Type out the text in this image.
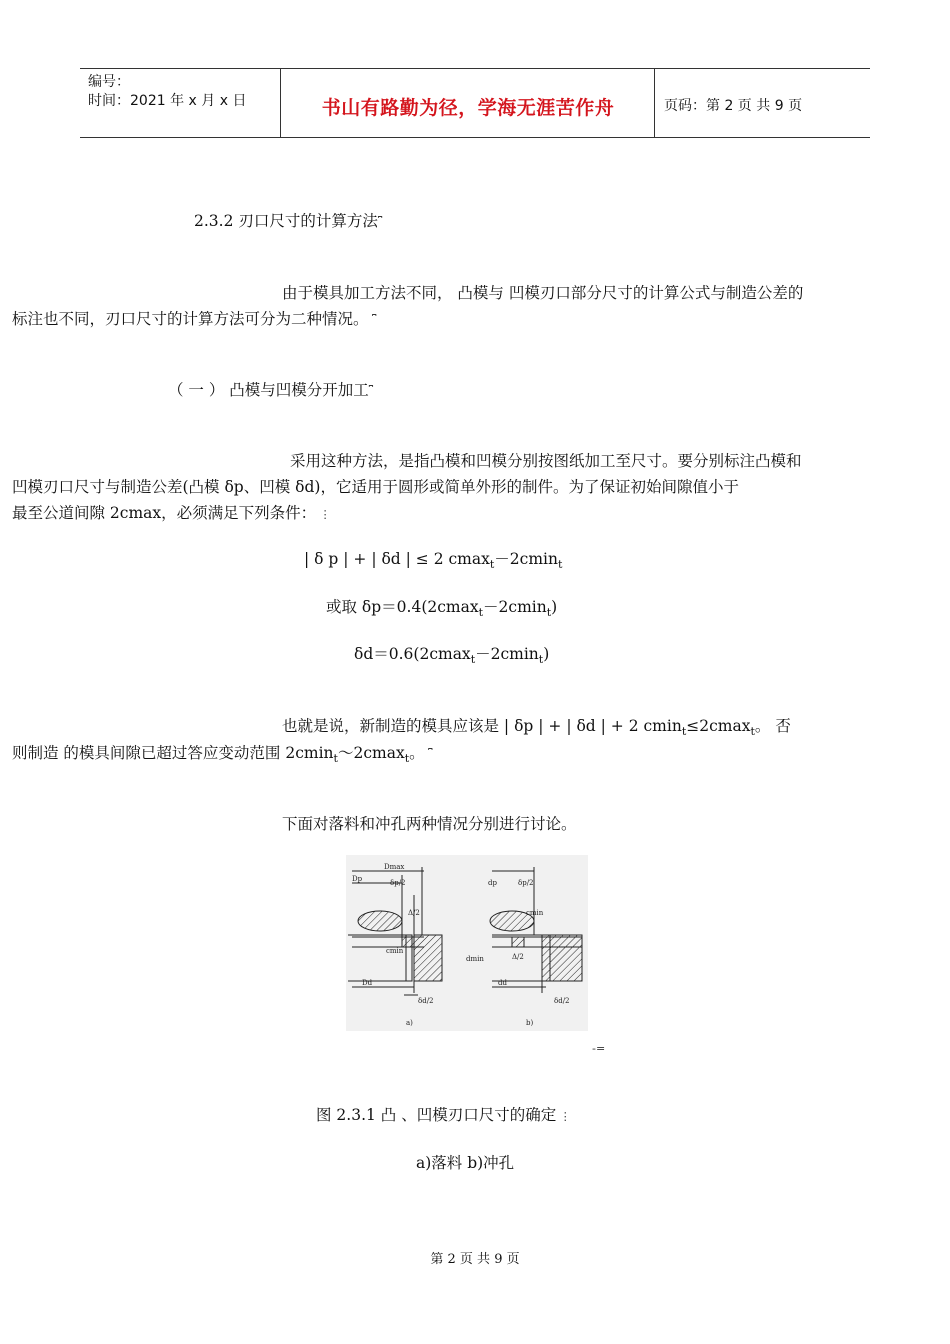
编号：
时间：2021 年 x 月 x 日	书山有路勤为径，学海无涯苦作舟	页码：第 2 页 共 9 页
2.3.2 刃口尺寸的计算方法⎴
由于模具加工方法不同， 凸模与 凹模刃口部分尺寸的计算公式与制造公差的
标注也不同，刃口尺寸的计算方法可分为二种情况。 ⎴
（ 一 ） 凸模与凹模分开加工⎴
采用这种方法，是指凸模和凹模分别按图纸加工至尺寸。要分别标注凸模和
凹模刃口尺寸与制造公差(凸模 δp、凹模 δd)，它适用于圆形或简单外形的制件。为了保证初始间隙值小于
最至公道间隙 2cmax，必须满足下列条件： ⋮
| δ p | + | δd | ≤ 2 cmax$_t$－2cmin$_t$
或取 δp＝0.4(2cmax$_t$－2cmin$_t$)
δd＝0.6(2cmax$_t$－2cmin$_t$)
也就是说，新制造的模具应该是 | δp | + | δd | + 2 cmin$_t$≤2cmax$_t$。 否
则制造 的模具间隙已超过答应变动范围 2cmin$_t$～2cmax$_t$。 ⎴
下面对落料和冲孔两种情况分别进行讨论。
Dmax
Dp	δp/2
Δ/2
cmin
Dd
δd/2
a)
dp	δp/2
cmin
dmin	Δ/2
dd
δd/2
b)
-=
图 2.3.1 凸 、凹模刃口尺寸的确定 ⋮
a)落料 b)冲孔
第 2 页 共 9 页
